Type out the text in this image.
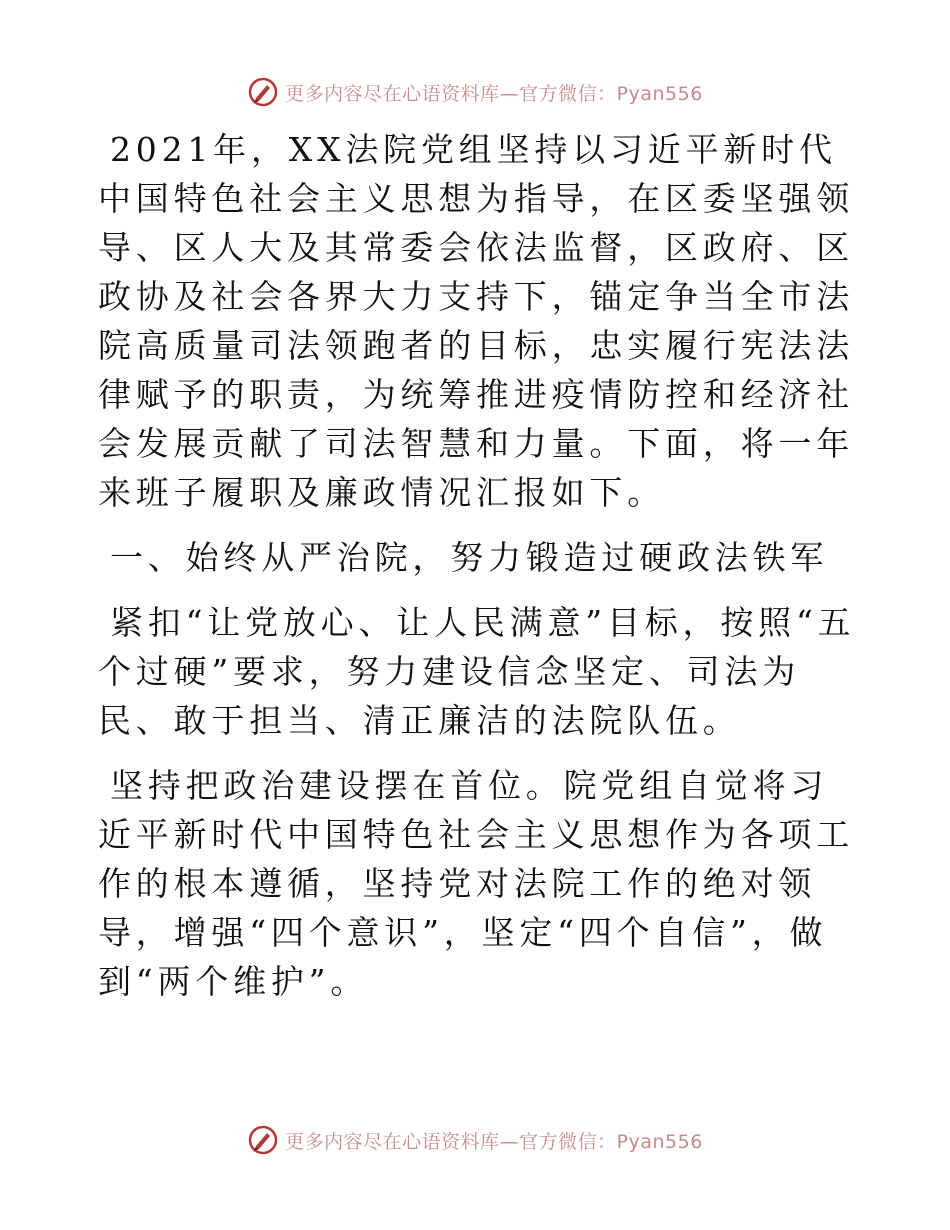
更多内容尽在心语资料库—官方微信：Pyan556

2021年，XX法院党组坚持以习近平新时代中国特色社会主义思想为指导，在区委坚强领导、区人大及其常委会依法监督，区政府、区政协及社会各界大力支持下，锚定争当全市法院高质量司法领跑者的目标，忠实履行宪法法律赋予的职责，为统筹推进疫情防控和经济社会发展贡献了司法智慧和力量。下面，将一年来班子履职及廉政情况汇报如下。

一、始终从严治院，努力锻造过硬政法铁军

紧扣“让党放心、让人民满意”目标，按照“五个过硬”要求，努力建设信念坚定、司法为民、敢于担当、清正廉洁的法院队伍。

坚持把政治建设摆在首位。院党组自觉将习近平新时代中国特色社会主义思想作为各项工作的根本遵循，坚持党对法院工作的绝对领导，增强“四个意识”，坚定“四个自信”，做到“两个维护”。

更多内容尽在心语资料库—官方微信：Pyan556
